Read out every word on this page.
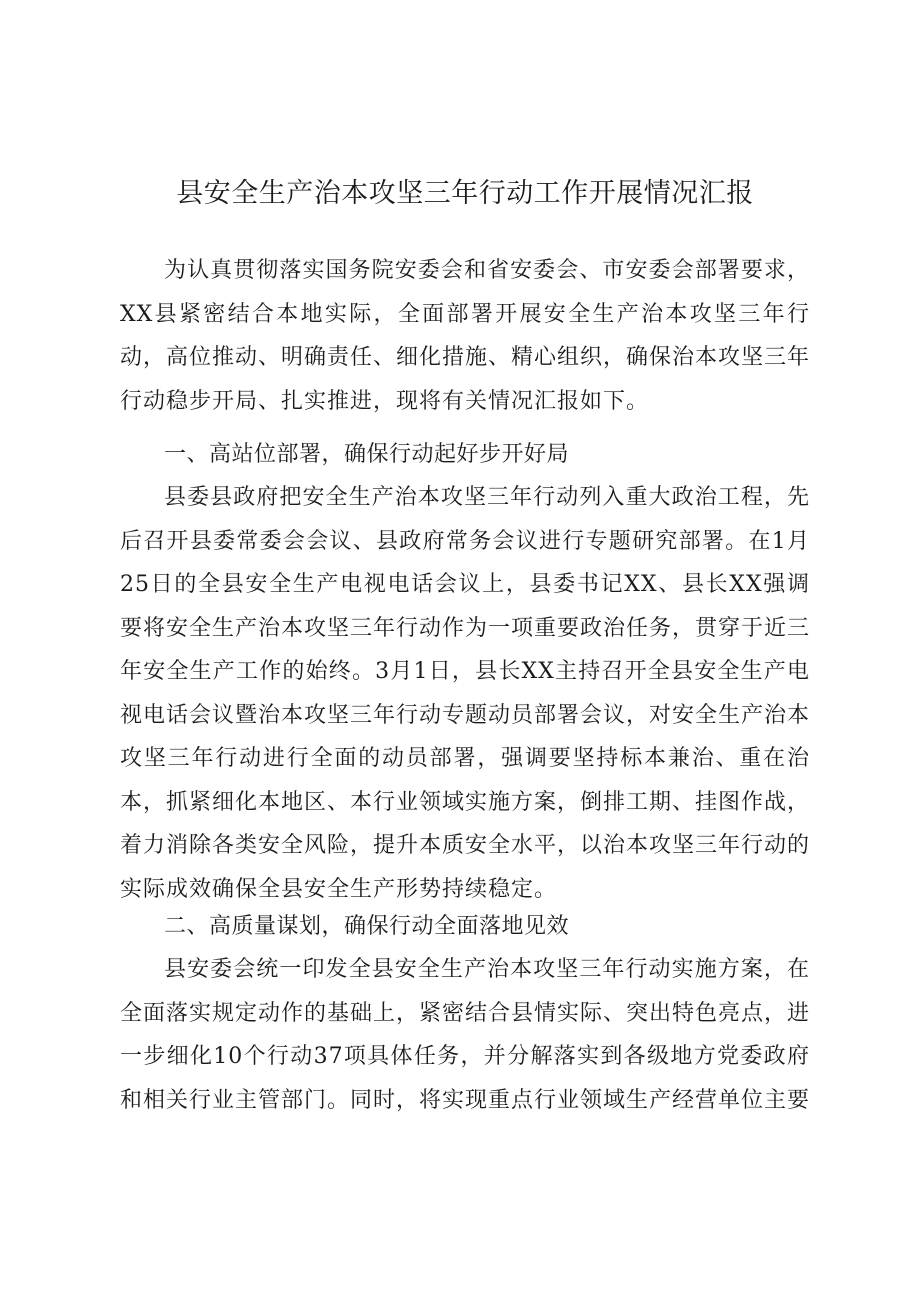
县安全生产治本攻坚三年行动工作开展情况汇报

为认真贯彻落实国务院安委会和省安委会、市安委会部署要求，XX县紧密结合本地实际，全面部署开展安全生产治本攻坚三年行动，高位推动、明确责任、细化措施、精心组织，确保治本攻坚三年行动稳步开局、扎实推进，现将有关情况汇报如下。

一、高站位部署，确保行动起好步开好局

县委县政府把安全生产治本攻坚三年行动列入重大政治工程，先后召开县委常委会会议、县政府常务会议进行专题研究部署。在1月25日的全县安全生产电视电话会议上，县委书记XX、县长XX强调要将安全生产治本攻坚三年行动作为一项重要政治任务，贯穿于近三年安全生产工作的始终。3月1日，县长XX主持召开全县安全生产电视电话会议暨治本攻坚三年行动专题动员部署会议，对安全生产治本攻坚三年行动进行全面的动员部署，强调要坚持标本兼治、重在治本，抓紧细化本地区、本行业领域实施方案，倒排工期、挂图作战，着力消除各类安全风险，提升本质安全水平，以治本攻坚三年行动的实际成效确保全县安全生产形势持续稳定。

二、高质量谋划，确保行动全面落地见效

县安委会统一印发全县安全生产治本攻坚三年行动实施方案，在全面落实规定动作的基础上，紧密结合县情实际、突出特色亮点，进一步细化10个行动37项具体任务，并分解落实到各级地方党委政府和相关行业主管部门。同时，将实现重点行业领域生产经营单位主要
